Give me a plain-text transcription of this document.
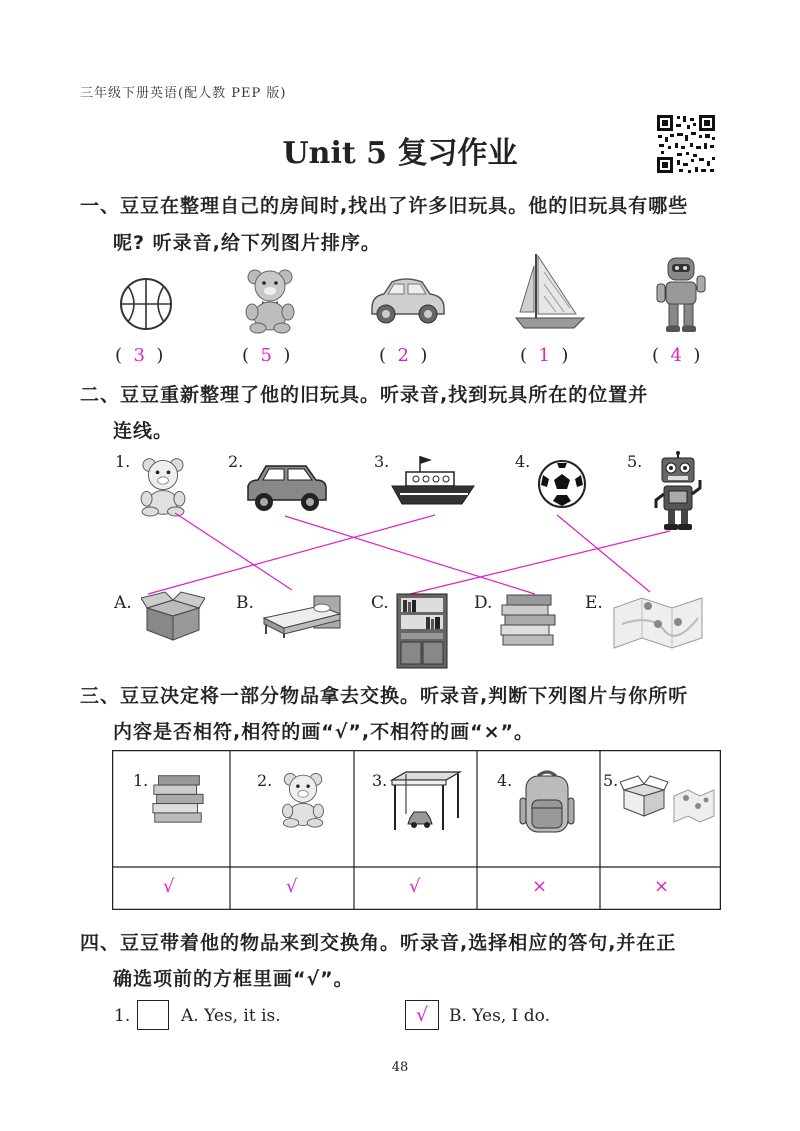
三年级下册英语(配人教 PEP 版)
Unit 5 复习作业
一、豆豆在整理自己的房间时,找出了许多旧玩具。他的旧玩具有哪些
呢? 听录音,给下列图片排序。
( 3 )	( 5 )	( 2 )	( 1 )	( 4 )
二、豆豆重新整理了他的旧玩具。听录音,找到玩具所在的位置并
连线。
1.	2.	3.	4.	5.
A.	B.	C.	D.	E.
三、豆豆决定将一部分物品拿去交换。听录音,判断下列图片与你所听
内容是否相符,相符的画“√”,不相符的画“×”。
1.	2.	3.	4.	5.
√	√	√	×	×
四、豆豆带着他的物品来到交换角。听录音,选择相应的答句,并在正
确选项前的方框里画“√”。
1.	A. Yes, it is.	√	B. Yes, I do.
48
